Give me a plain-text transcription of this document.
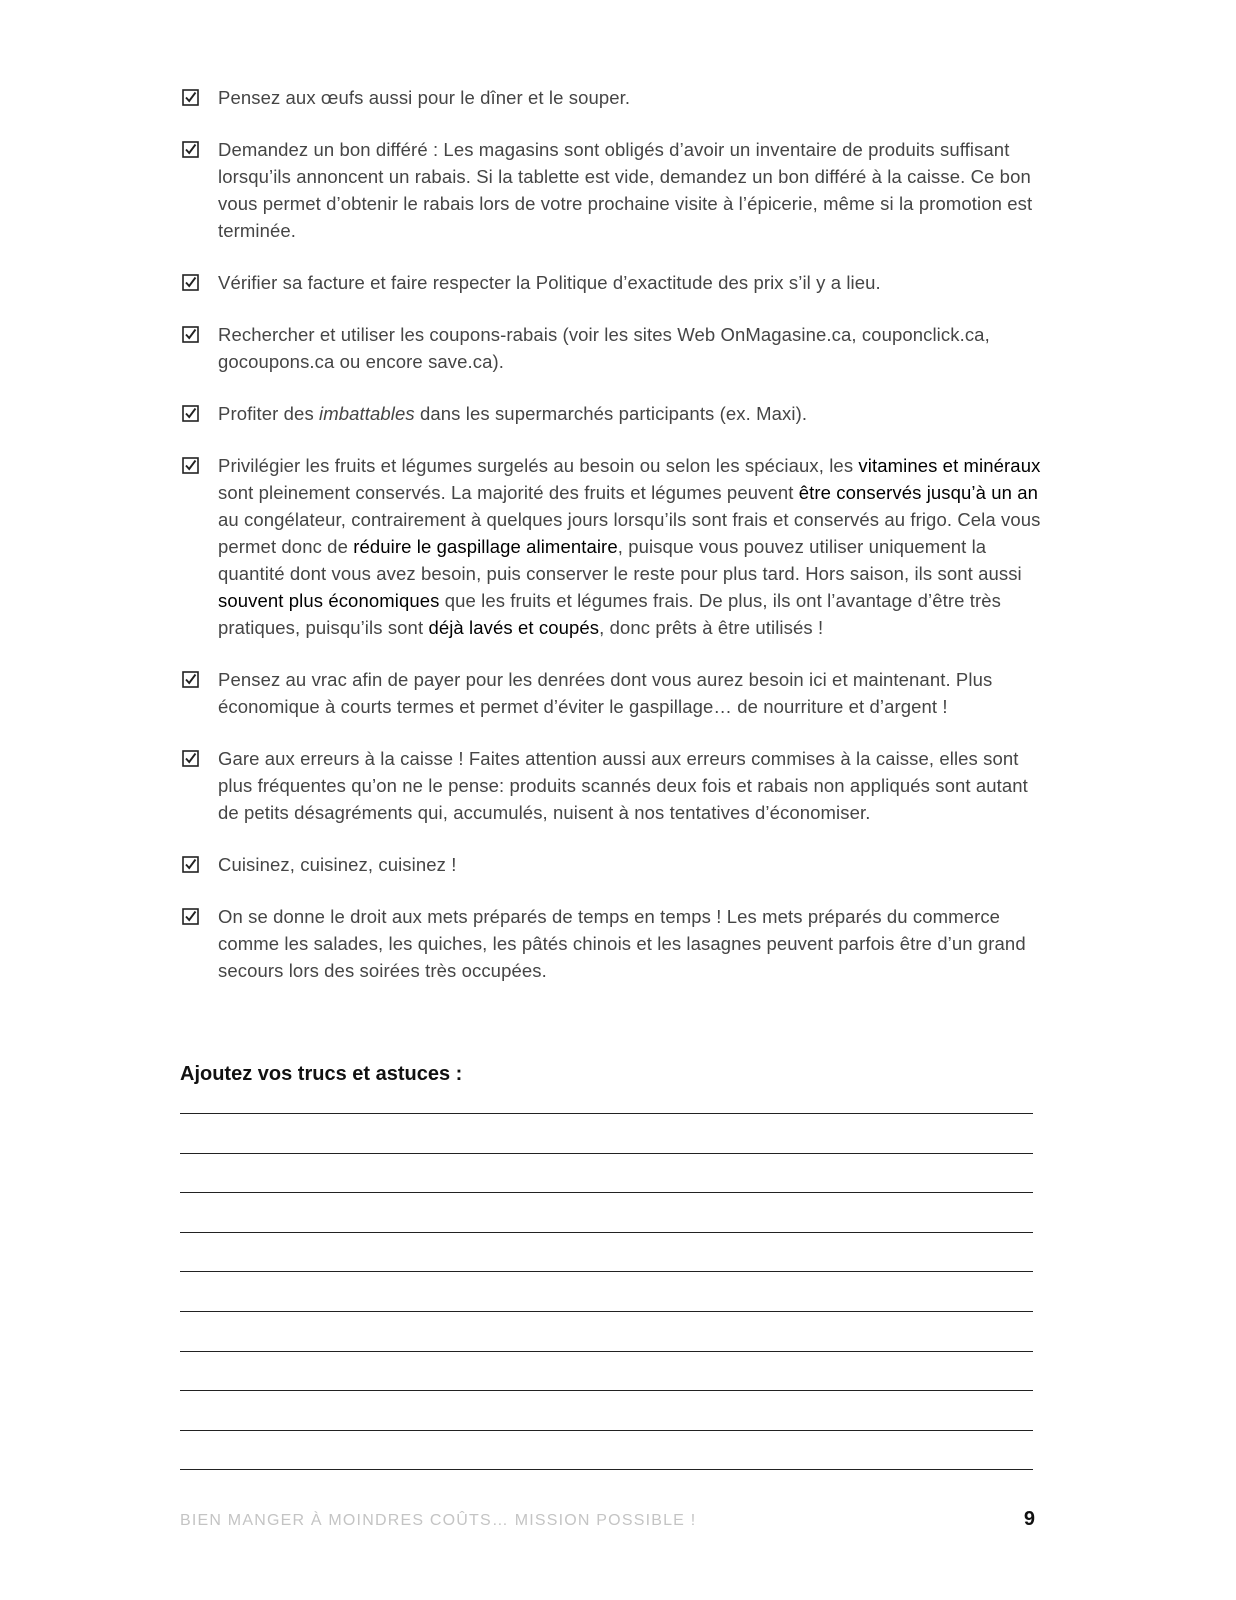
Pensez aux œufs aussi pour le dîner et le souper.
Demandez un bon différé : Les magasins sont obligés d’avoir un inventaire de produits suffisant lorsqu’ils annoncent un rabais. Si la tablette est vide, demandez un bon différé à la caisse. Ce bon vous permet d’obtenir le rabais lors de votre prochaine visite à l’épicerie, même si la promotion est terminée.
Vérifier sa facture et faire respecter la Politique d’exactitude des prix s’il y a lieu.
Rechercher et utiliser les coupons-rabais (voir les sites Web OnMagasine.ca, couponclick.ca, gocoupons.ca ou encore save.ca).
Profiter des imbattables dans les supermarchés participants (ex. Maxi).
Privilégier les fruits et légumes surgelés au besoin ou selon les spéciaux, les vitamines et minéraux sont pleinement conservés. La majorité des fruits et légumes peuvent être conservés jusqu’à un an au congélateur, contrairement à quelques jours lorsqu’ils sont frais et conservés au frigo. Cela vous permet donc de réduire le gaspillage alimentaire, puisque vous pouvez utiliser uniquement la quantité dont vous avez besoin, puis conserver le reste pour plus tard. Hors saison, ils sont aussi souvent plus économiques que les fruits et légumes frais. De plus, ils ont l’avantage d’être très pratiques, puisqu’ils sont déjà lavés et coupés, donc prêts à être utilisés !
Pensez au vrac afin de payer pour les denrées dont vous aurez besoin ici et maintenant. Plus économique à courts termes et permet d’éviter le gaspillage… de nourriture et d’argent !
Gare aux erreurs à la caisse ! Faites attention aussi aux erreurs commises à la caisse, elles sont plus fréquentes qu’on ne le pense: produits scannés deux fois et rabais non appliqués sont autant de petits désagréments qui, accumulés, nuisent à nos tentatives d’économiser.
Cuisinez, cuisinez, cuisinez !
On se donne le droit aux mets préparés de temps en temps ! Les mets préparés du commerce comme les salades, les quiches, les pâtés chinois et les lasagnes peuvent parfois être d’un grand secours lors des soirées très occupées.

Ajoutez vos trucs et astuces :

BIEN MANGER À MOINDRES COÛTS… MISSION POSSIBLE !	9
